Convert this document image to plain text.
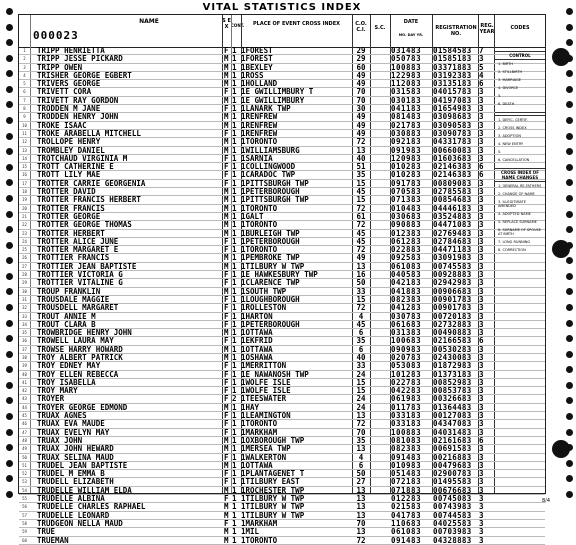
VITAL STATISTICS INDEX
000023
NAME	S E X CONT.	PLACE OF EVENT CROSS INDEX	C.O. C.I.	S.C.
DATE
MO. DAY YR.
REGISTRATION NO.
REG. YEAR
CODES
1	TRIPP HENRIETTA	F 1 1FOREST	29	031483	01584583 7
2	TRIPP JESSE PICKARD	M 1 1FOREST	29	050783	01585183 3
3	TRIPP OWEN	M 1 1BEXLEY	60	100883	03371883 5
4	TRISHER GEORGE EGBERT	M 1 1ROSS	49	122983	03192383 4
5	TRIVERS GEORGE	M 1 1HOLLAND	49	112083	03135183 6
6	TRIVETT CORA	F 1 1E GWILLIMBURY T	70	031583	04015783 3
7	TRIVETT RAY GORDON	M 1 1E GWILLIMBURY	70	030183	04197083 3
8	TRODDEN M JANE	F 1 1LANARK TWP	30	041183	01654983 3
9	TRODDEN HENRY JOHN	M 1 1RENFREW	49	081483	03098683 3
10 TROKE ISAAC	M 1 1RENFREW	49	021783	03090583 3
11 TROKE ARABELLA MITCHELL	F 1 1RENFREW	49	030883	03090783 3
12 TROLLOPE HENRY	M 1 1TORONTO	72	092183	04331783 3
13 TROMBLEY DANIEL	M 1 1WILLIAMSBURG	13	091983	00660083 3
14 TROTCHAUD VIRGINIA M	F 1 1SARNIA	40	120983	01603683 3
15 TROTT CATHERINE E	F 1 1COLLINGWOOD	51	010283	02146383 6
16 TROTT LILY MAE	F 1 1CARADOC TWP	35	010283	02146383 6
17 TROTTER CARRIE GEORGENIA	F 1 1PITTSBURGH TWP	15	091783	00809083 3
18 TROTTER DAVID	M 1 1PETERBOROUGH	45	070583	02785583 3
19 TROTTER FRANCIS HERBERT	M 1 1PITTSBURGH TWP	15	071383	00854683 3
20 TROTTER FRANCIS	M 1 1TORONTO	72	010483	04446183 3
21 TROTTER GEORGE	M 1 1GALT	61	030683	03524883 3
22 TROTTER GEORGE THOMAS	M 1 1TORONTO	72	090883	04471083 3
23 TROTTER HERBERT	M 1 1BURLEIGH TWP	45	012383	02769483 3
24 TROTTER ALICE JUNE	F 1 1PETERBOROUGH	45	061283	02784683 3
25 TROTTER MARGARET E	F 1 1TORONTO	72	022883	04471183 3
26 TROTTIER FRANCIS	M 1 1PEMBROKE TWP	49	092583	03091983 3
27 TROTTIER JEAN BAPTISTE	M 1 1TILBURY W TWP	13	061083	00745583 3
28 TROTTIER VICTORIA G	F 1 1E HAWKESBURY TWP	16	040583	00928883 3
29 TROTTIER VITALINE G	F 1 1CLARENCE TWP	50	042183	02942983 3
30 TROUP FRANKLIN	M 1 1SOUTH TWP	33	041883	00906683 3
31 TROUSDALE MAGGIE	F 1 1LOUGHBOROUGH	15	082383	00901783 3
32 TROUSDELL MARGARET	F 1 1ROLLESTON	72	041283	00901783 3
33 TROUT ANNIE M	F 1 1HARTON	4	030783	00720183 3
34 TROUT CLARA B	F 1 1PETERBOROUGH	45	061683	02732883 3
35 TROWBRIDGE HENRY JOHN	M 1 1OTTAWA	6	031383	00490883 3
36 TROWELL LAURA MAY	F 1 1EKFRID	35	100683	02166583 6
37 TROWSE HARRY HOWARD	M 1 1OTTAWA	6	090983	00530283 3
38 TROY ALBERT PATRICK	M 1 1OSHAWA	40	020783	02430083 3
39 TROY EDNEY MAY	F 1 1MERRITTON	33	053083	01872983 3
40 TROY ELLEN REBECCA	F 1 1E NAWANOSH TWP	24	101283	01373183 3
41 TROY ISABELLA	F 1 1WOLFE ISLE	15	022783	00852983 3
42 TROY MARY	F 1 1WOLFE ISLE	15	042283	00853783 3
43 TROYER	F 2 1TEESWATER	24	061983	00326683 3
44 TROYER GEORGE EDMOND	M 1 1HAY	24	011783	01364483 3
45 TRUAX AGNES	F 1 1LEAMINGTON	13	033183	00127083 3
46 TRUAX EVA MAUDE	F 1 1TORONTO	72	033183	04347083 3
47 TRUAX EVELYN MAY	F 1 1MARKHAM	70	100883	04031483 3
48 TRUAX JOHN	M 1 1OXBOROUGH TWP	35	081083	02161683 6
49 TRUAX JOHN HEWARD	M 1 1MERSEA TWP	13	082383	00691583 3
50 TRUAX SELINA MAUD	F 1 1WALKERTON	4	091483	00216883 3
51 TRUDEL JEAN BAPTISTE	M 1 1OTTAWA	6	010983	00479683 3
52 TRUDEL M EMMA B	F 1 1PLANTAGENET T	50	051483	02900783 3
53 TRUDELL ELIZABETH	F 1 1TILBURY EAST	27	072183	01495583 3
54 TRUDELLE WILLIAM ELDA	M 1 1ROCHESTER TWP	13	071883	00676683 3
55 TRUDELLE ALBINA	F 1 1TILBURY W TWP	13	012283	00745083 3
56 TRUDELLE CHARLES RAPHAEL	M 1 1TILBURY W TWP	13	021583	00743983 3
57 TRUDELLE LEONARD	M 1 1TILBURY W TWP	13	041783	00744583 3
58 TRUDGEON NELLA MAUD	F 1 1MARKHAM	70	110683	04025583 3
59 TRUE	M 1 1MIL	13	061083	00703983 3
60 TRUEMAN	M 1 1TORONTO	72	091483	04328883 3
CONTROL
1. BIRTH
2. STILLBIRTH
3. MARRIAGE
4. DIVORCE
5.
6. DEATH
1. DEFIC. CERTIF.
2. CROSS INDEX
3. ADOPTION
4. NEW ENTRY
5.
6. CANCELLATION
CROSS INDEX OF NAME CHANGES
1. GENERAL RE-FATHERS
2. CHANGE OF NAME
3. ILLEGITIMATE AMENDED
4. ADOPTED NAME
5. REPLACE SURNAME
6. SURNAME OF SPOUSE AT BIRTH
7. LONG RUNNING
8. CORRECTION
8/4
